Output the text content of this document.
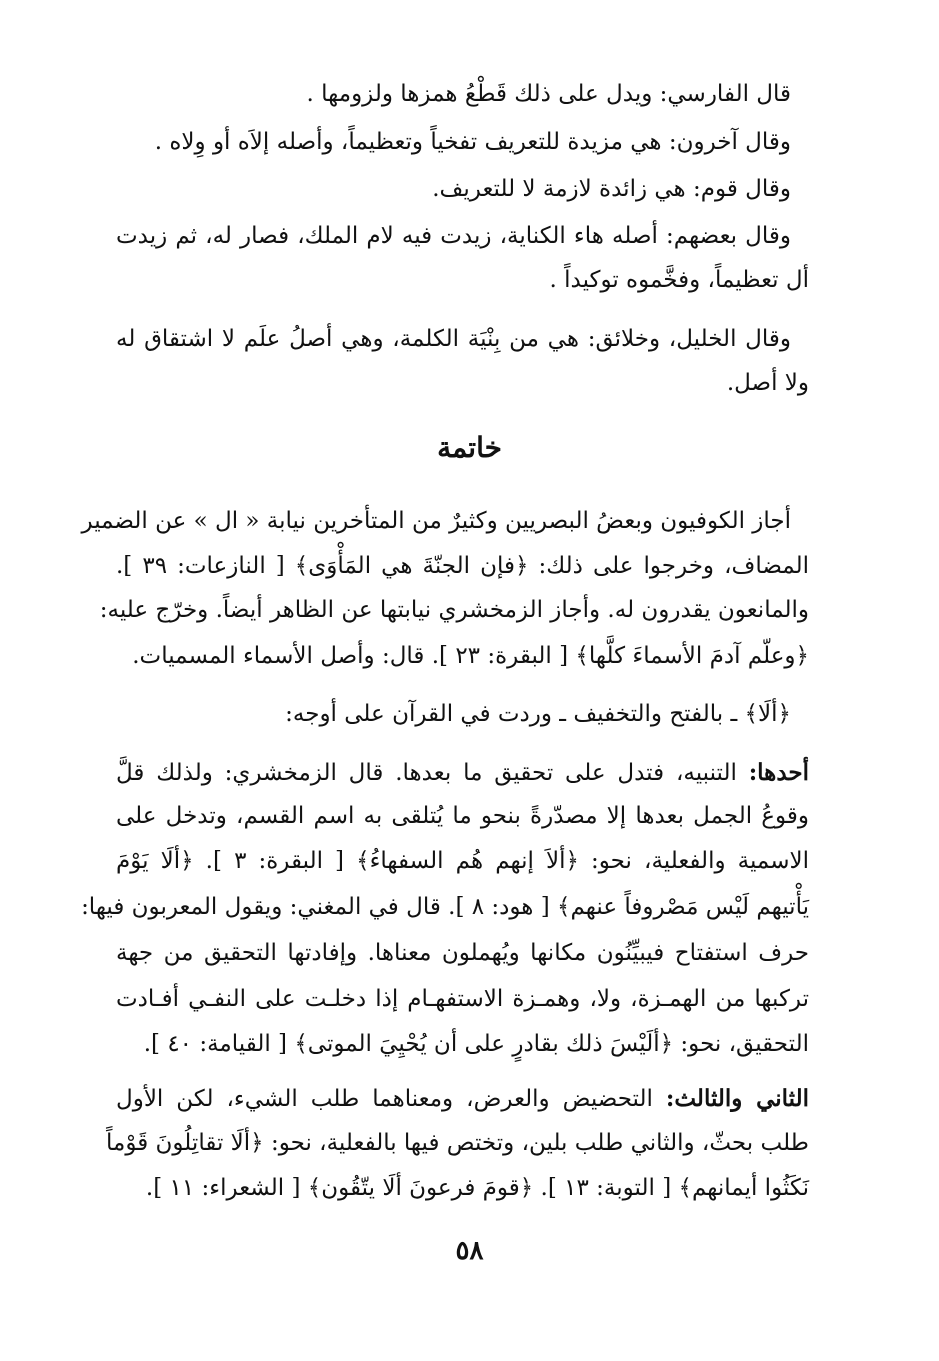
قال الفارسي: ويدل على ذلك قَطْعُ همزها ولزومها .
وقال آخرون: هي مزيدة للتعريف تفخياً وتعظيماً، وأصله إلاَه أو وِلاه .
وقال قوم: هي زائدة لازمة لا للتعريف.
وقال بعضهم: أصله هاء الكناية، زيدت فيه لام الملك، فصار له، ثم زيدت
أل تعظيماً، وفخَّموه توكيداً .
وقال الخليل، وخلائق: هي من بِنْيَة الكلمة، وهي أصلُ علَم لا اشتقاق له
ولا أصل.
خاتمة
أجاز الكوفيون وبعضُ البصريين وكثيرٌ من المتأخرين نيابة « ال » عن الضمير
المضاف، وخرجوا على ذلك: ﴿فإن الجنّةَ هي المَأْوَى﴾ [ النازعات: ٣٩ ].
والمانعون يقدرون له. وأجاز الزمخشري نيابتها عن الظاهر أيضاً. وخرّج عليه:
﴿وعلّم آدمَ الأسماءَ كلَّها﴾ [ البقرة: ٢٣ ]. قال: وأصل الأسماء المسميات.
﴿ألَا﴾ ـ بالفتح والتخفيف ـ وردت في القرآن على أوجه:
أحدها: التنبيه، فتدل على تحقيق ما بعدها. قال الزمخشري: ولذلك قلَّ
وقوعُ الجمل بعدها إلا مصدّرةً بنحو ما يُتلقى به اسم القسم، وتدخل على
الاسمية والفعلية، نحو: ﴿ألاَ إنهم هُم السفهاءُ﴾ [ البقرة: ٣ ]. ﴿ألَا يَوْمَ
يَأْتيهم لَيْس مَصْروفاً عنهم﴾ [ هود: ٨ ]. قال في المغني: ويقول المعربون فيها:
حرف استفتاح فيبيِّنُون مكانها ويُهملون معناها. وإفادتها التحقيق من جهة
تركبها من الهمـزة، ولا، وهمـزة الاستفهـام إذا دخلـت على النفـي أفـادت
التحقيق، نحو: ﴿ألَيْسَ ذلك بقادرٍ على أن يُحْيِيَ الموتى﴾ [ القيامة: ٤٠ ].
الثاني والثالث: التحضيض والعرض، ومعناهما طلب الشيء، لكن الأول
طلب بحثّ، والثاني طلب بلين، وتختص فيها بالفعلية، نحو: ﴿ألَا تقاتِلُونَ قَوْماً
نَكَثُوا أيمانهم﴾ [ التوبة: ١٣ ]. ﴿قومَ فرعونَ ألَا يتّقُون﴾ [ الشعراء: ١١ ].
٥٨
